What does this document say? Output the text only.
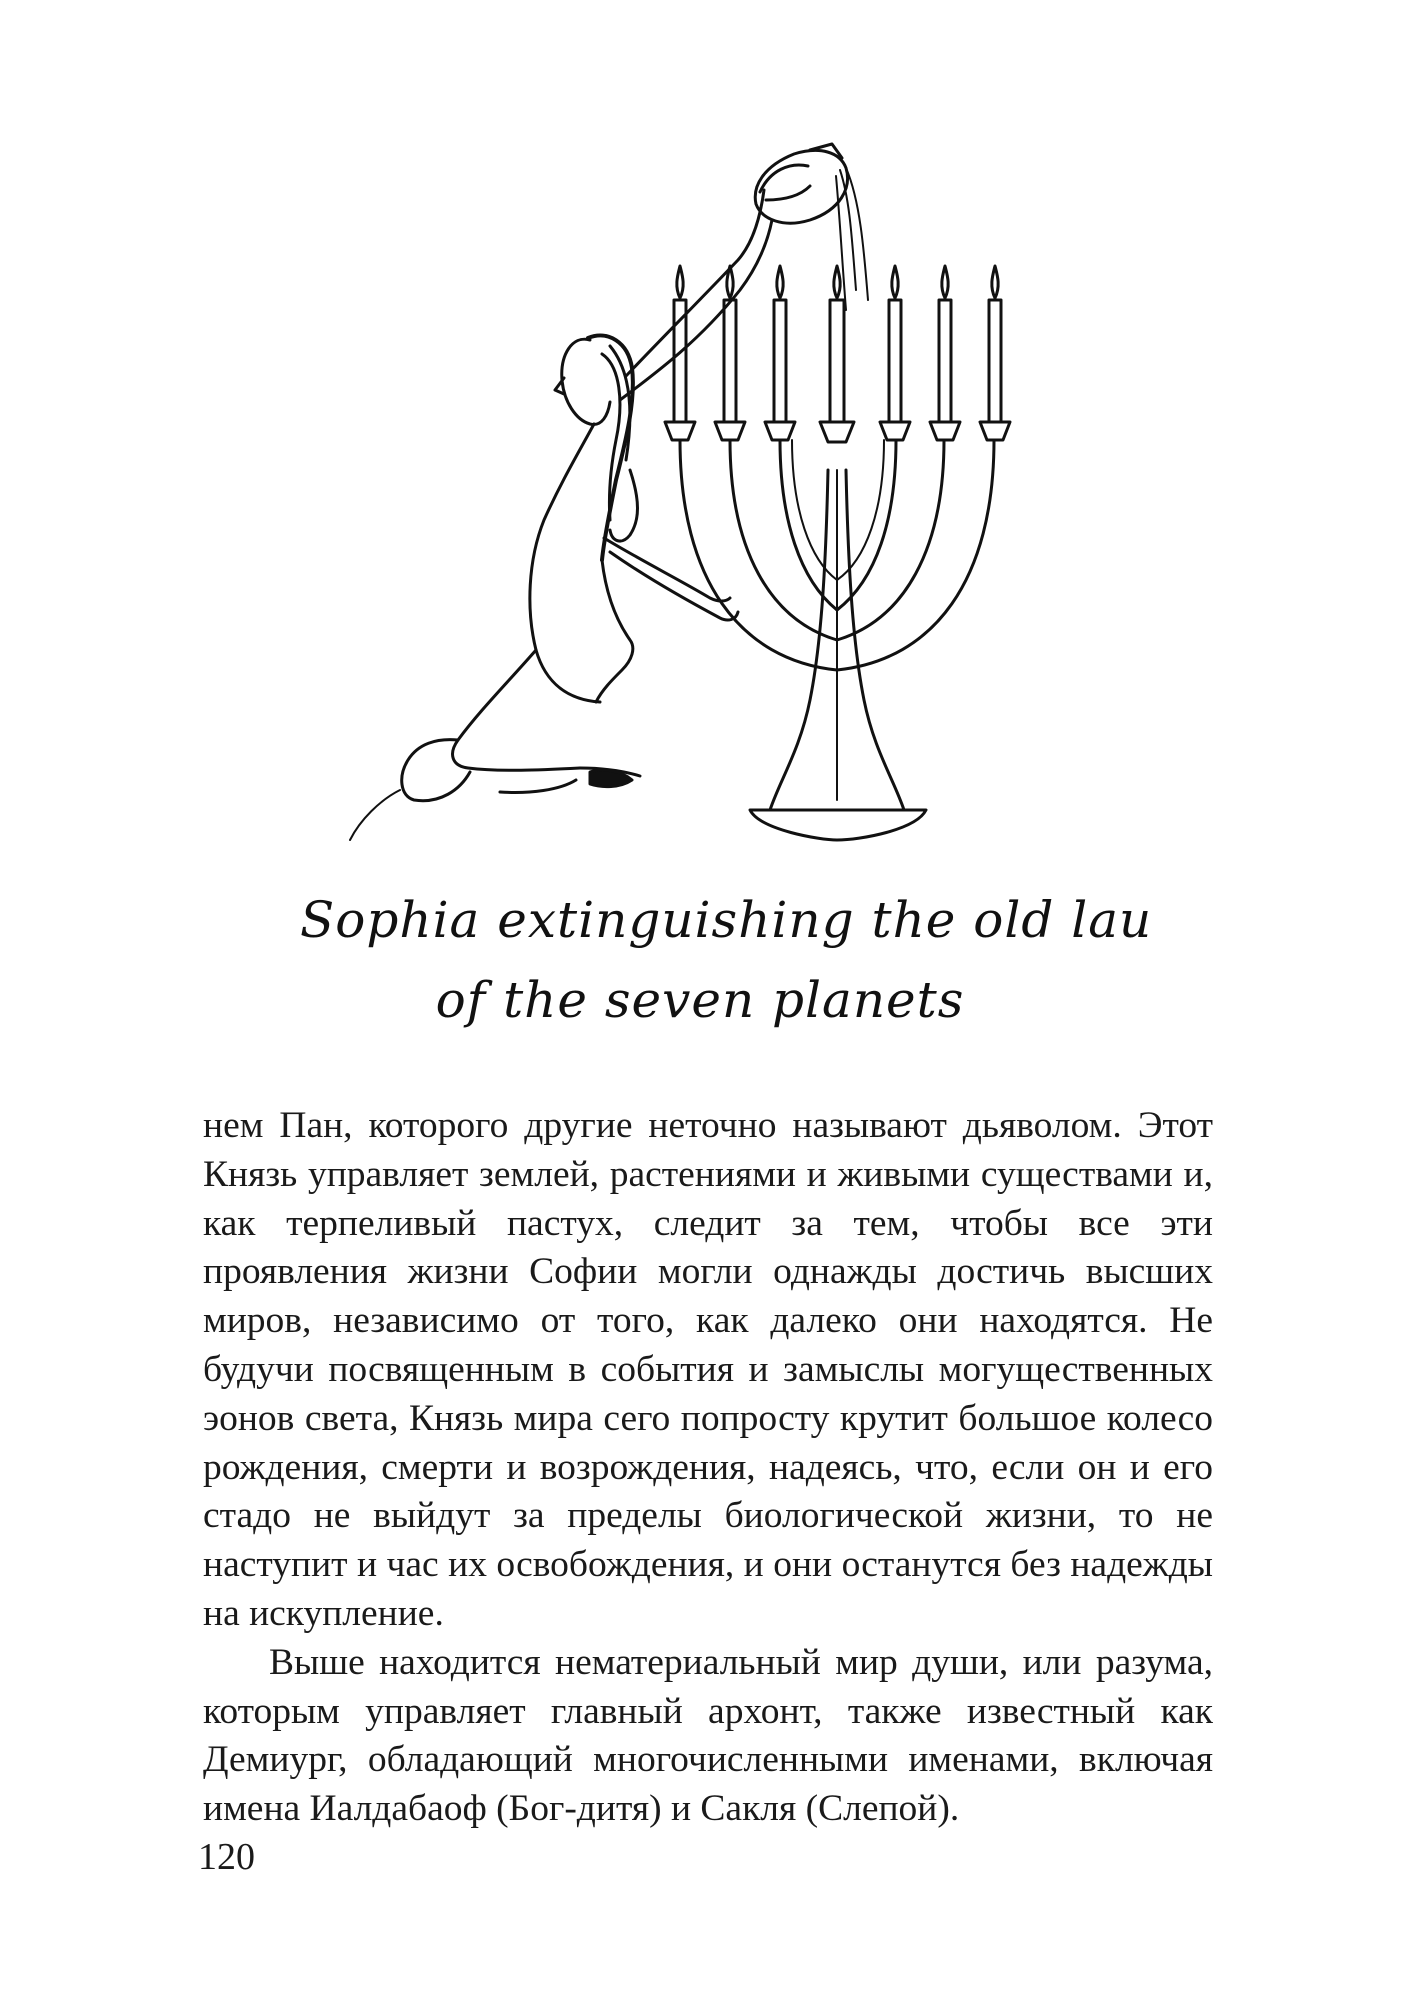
Sophia extinguishing the old lau
of the seven planets

нем Пан, которого другие неточно называют дьяволом. Этот Князь управляет землей, растениями и живыми существами и, как терпеливый пастух, следит за тем, чтобы все эти проявления жизни Софии могли однажды достичь высших миров, независимо от того, как далеко они находятся. Не будучи посвященным в события и замыслы могущественных эонов света, Князь мира сего попросту крутит большое колесо рождения, смерти и возрождения, надеясь, что, если он и его стадо не выйдут за пределы биологической жизни, то не наступит и час их освобождения, и они останутся без надежды на искупление.

Выше находится нематериальный мир души, или разума, которым управляет главный архонт, также известный как Демиург, обладающий многочисленными именами, включая имена Иалдабаоф (Бог-дитя) и Сакля (Слепой).

120
